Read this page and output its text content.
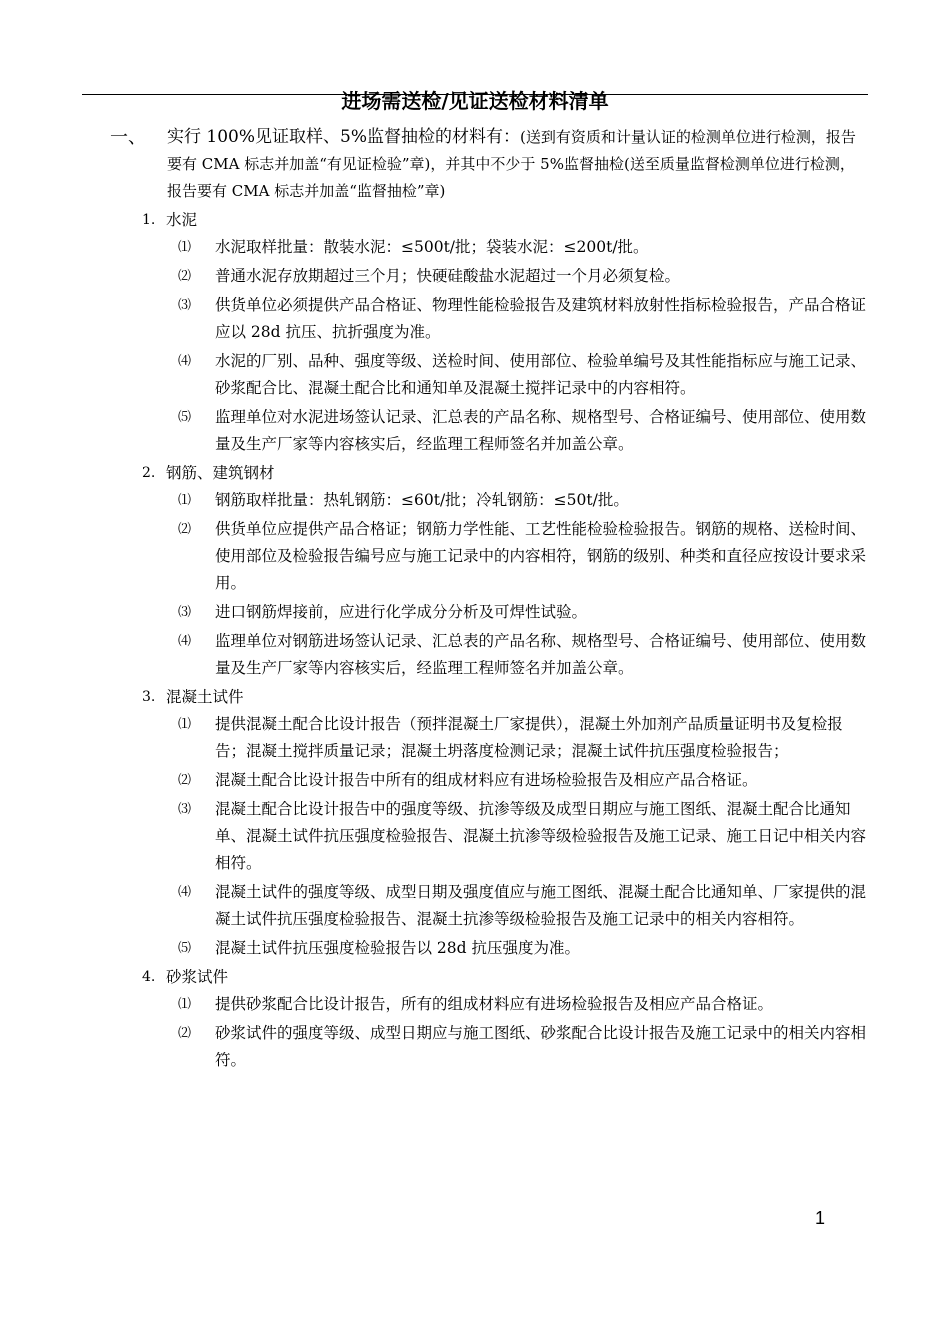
进场需送检/见证送检材料清单
一、 实行 100%见证取样、5%监督抽检的材料有：(送到有资质和计量认证的检测单位进行检测，报告要有 CMA 标志并加盖“有见证检验”章)，并其中不少于 5%监督抽检(送至质量监督检测单位进行检测，报告要有 CMA 标志并加盖“监督抽检”章)
1. 水泥
⑴ 水泥取样批量：散装水泥：≤500t/批；袋装水泥：≤200t/批。
⑵ 普通水泥存放期超过三个月；快硬硅酸盐水泥超过一个月必须复检。
⑶ 供货单位必须提供产品合格证、物理性能检验报告及建筑材料放射性指标检验报告，产品合格证应以 28d 抗压、抗折强度为准。
⑷ 水泥的厂别、品种、强度等级、送检时间、使用部位、检验单编号及其性能指标应与施工记录、砂浆配合比、混凝土配合比和通知单及混凝土搅拌记录中的内容相符。
⑸ 监理单位对水泥进场签认记录、汇总表的产品名称、规格型号、合格证编号、使用部位、使用数量及生产厂家等内容核实后，经监理工程师签名并加盖公章。
2. 钢筋、建筑钢材
⑴ 钢筋取样批量：热轧钢筋：≤60t/批；冷轧钢筋：≤50t/批。
⑵ 供货单位应提供产品合格证；钢筋力学性能、工艺性能检验检验报告。钢筋的规格、送检时间、使用部位及检验报告编号应与施工记录中的内容相符，钢筋的级别、种类和直径应按设计要求采用。
⑶ 进口钢筋焊接前，应进行化学成分分析及可焊性试验。
⑷ 监理单位对钢筋进场签认记录、汇总表的产品名称、规格型号、合格证编号、使用部位、使用数量及生产厂家等内容核实后，经监理工程师签名并加盖公章。
3. 混凝土试件
⑴ 提供混凝土配合比设计报告（预拌混凝土厂家提供），混凝土外加剂产品质量证明书及复检报告；混凝土搅拌质量记录；混凝土坍落度检测记录；混凝土试件抗压强度检验报告；
⑵ 混凝土配合比设计报告中所有的组成材料应有进场检验报告及相应产品合格证。
⑶ 混凝土配合比设计报告中的强度等级、抗渗等级及成型日期应与施工图纸、混凝土配合比通知单、混凝土试件抗压强度检验报告、混凝土抗渗等级检验报告及施工记录、施工日记中相关内容相符。
⑷ 混凝土试件的强度等级、成型日期及强度值应与施工图纸、混凝土配合比通知单、厂家提供的混凝土试件抗压强度检验报告、混凝土抗渗等级检验报告及施工记录中的相关内容相符。
⑸ 混凝土试件抗压强度检验报告以 28d 抗压强度为准。
4. 砂浆试件
⑴ 提供砂浆配合比设计报告，所有的组成材料应有进场检验报告及相应产品合格证。
⑵ 砂浆试件的强度等级、成型日期应与施工图纸、砂浆配合比设计报告及施工记录中的相关内容相符。
1
